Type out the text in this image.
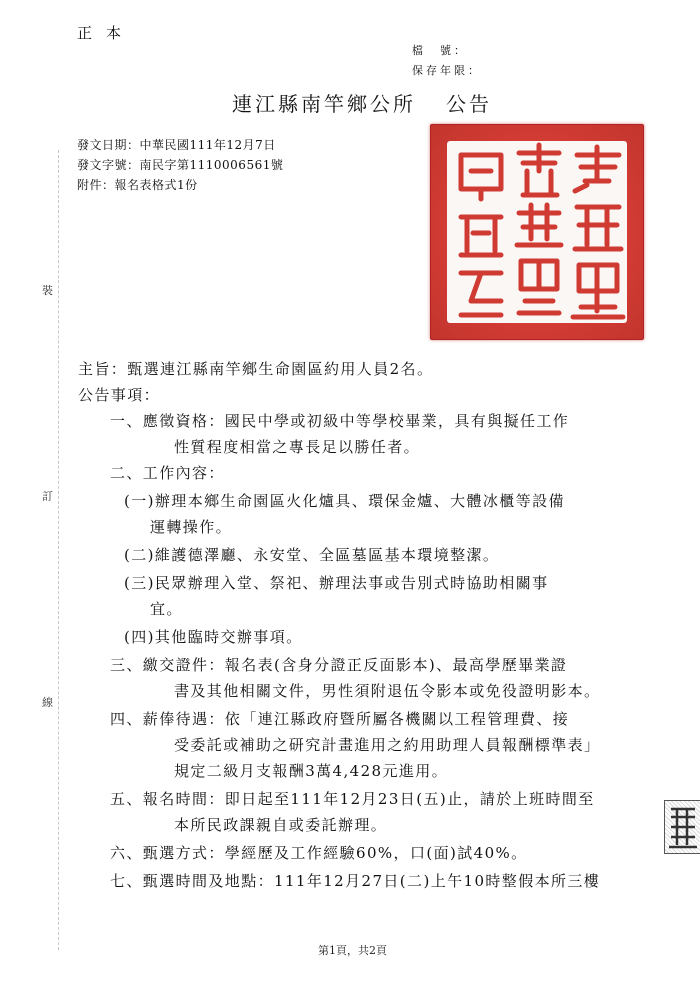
正本
檔　號：
保存年限：
連江縣南竿鄉公所 公告
發文日期：中華民國111年12月7日
發文字號：南民字第1110006561號
附件：報名表格式1份
裝
訂
線
主旨：甄選連江縣南竿鄉生命園區約用人員2名。
公告事項：
一、應徵資格：國民中學或初級中等學校畢業，具有與擬任工作
性質程度相當之專長足以勝任者。
二、工作內容：
(一)辦理本鄉生命園區火化爐具、環保金爐、大體冰櫃等設備
運轉操作。
(二)維護德澤廳、永安堂、全區墓區基本環境整潔。
(三)民眾辦理入堂、祭祀、辦理法事或告別式時協助相關事
宜。
(四)其他臨時交辦事項。
三、繳交證件：報名表(含身分證正反面影本)、最高學歷畢業證
書及其他相關文件，男性須附退伍令影本或免役證明影本。
四、薪俸待遇：依「連江縣政府暨所屬各機關以工程管理費、接
受委託或補助之研究計畫進用之約用助理人員報酬標準表」
規定二級月支報酬3萬4,428元進用。
五、報名時間：即日起至111年12月23日(五)止，請於上班時間至
本所民政課親自或委託辦理。
六、甄選方式：學經歷及工作經驗60%，口(面)試40%。
七、甄選時間及地點：111年12月27日(二)上午10時整假本所三樓
第1頁，共2頁
